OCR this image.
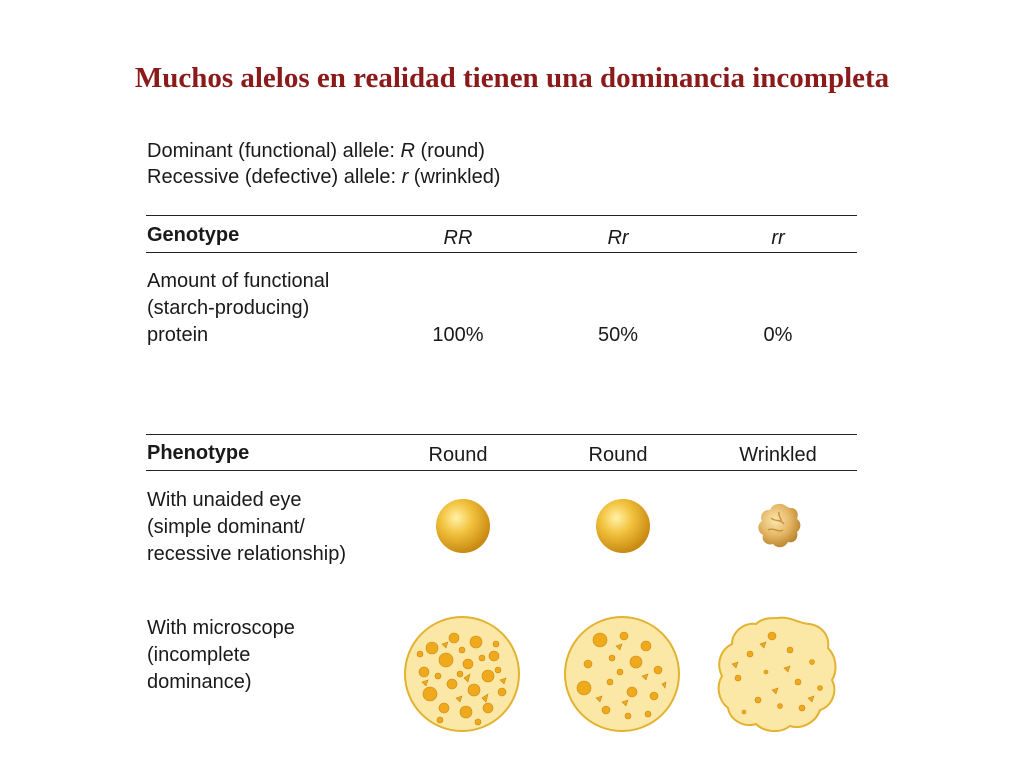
Muchos alelos en realidad tienen una dominancia incompleta
Dominant (functional) allele: R (round)
Recessive (defective) allele: r (wrinkled)
Genotype	RR	Rr	rr
Amount of functional
(starch-producing)
protein	100%	50%	0%
Phenotype	Round	Round	Wrinkled
With unaided eye
(simple dominant/
recessive relationship)
With microscope
(incomplete
dominance)
